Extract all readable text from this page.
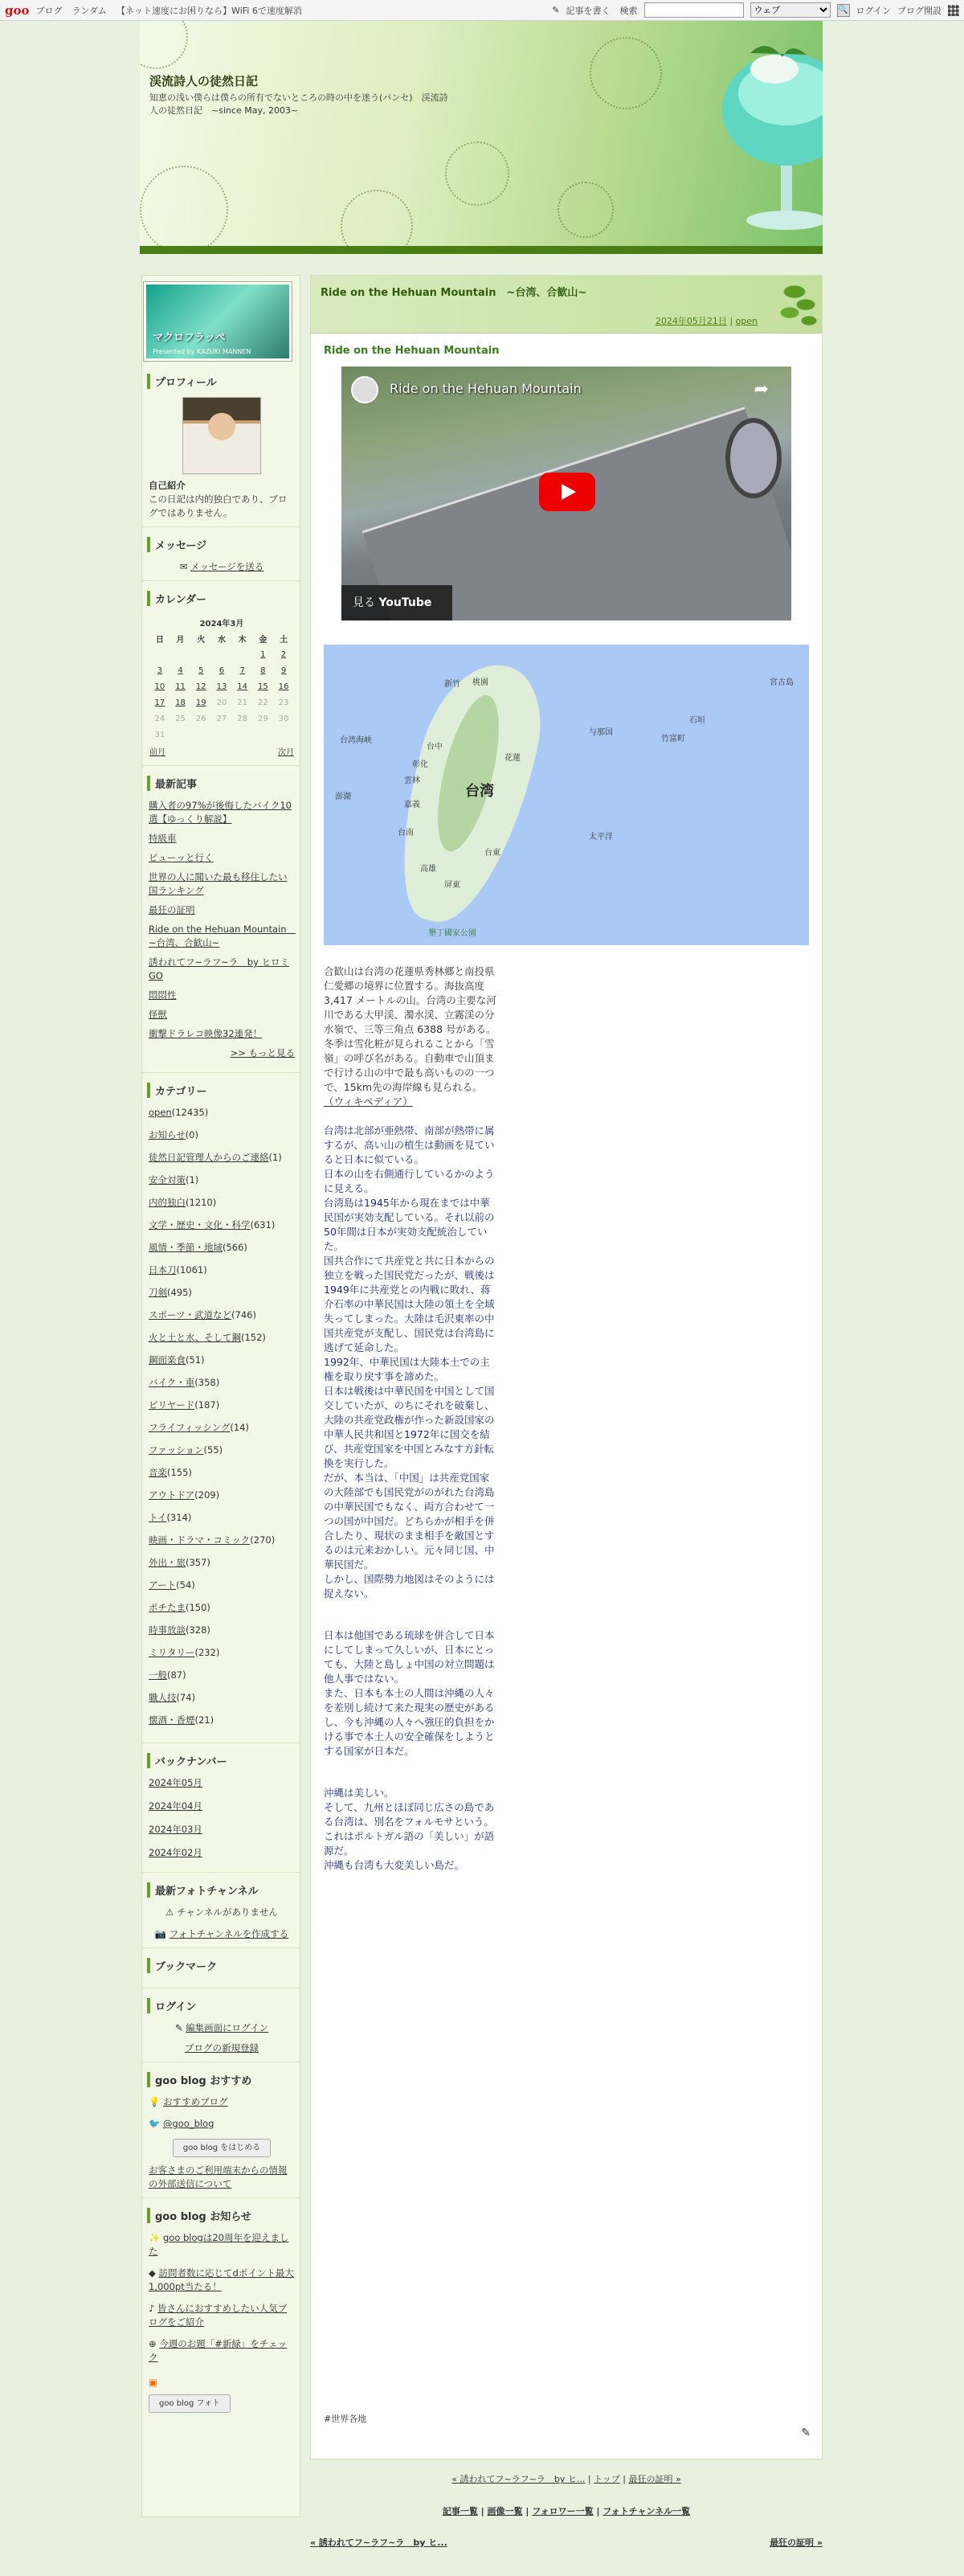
goo ブログ ランダム 【ネット速度にお困りなら】WiFi 6で速度解消	✎ 記事を書く 検索
ウェブ	🔍 ログイン ブログ開設
渓流詩人の徒然日記
知恵の浅い僕らは僕らの所有でないところの時の中を迷う(パンセ)　渓流詩人の徒然日記　~since May, 2003~
マクロフラッペ
Presented by KAZUKI MANNEN
プロフィール

自己紹介

この日記は内的独白であり、ブログではありません。

メッセージ

✉ メッセージを送る

カレンダー
2024年3月						
日	月	火	水	木	金	土
					1	2
3	4	5	6	7	8	9
10	11	12	13	14	15	16
17	18	19	20	21	22	23
24	25	26	27	28	29	30
31						
前月					次月	
最新記事
購入者の97%が後悔したバイク10選【ゆっくり解説】
特級車
ビューッと行く
世界の人に聞いた最も移住したい国ランキング
最狂の証明
Ride on the Hehuan Mountain　~台湾、合歓山~
誘われてフ~ラフ~ラ　by ヒロミGO
悶悶性
怪獣
衝撃ドラレコ映像32連発！
>> もっと見る
カテゴリー
open(12435)
お知らせ(0)
徒然日記管理人からのご連絡(1)
安全対策(1)
内的独白(1210)
文学・歴史・文化・科学(631)
風情・季節・地域(566)
日本刀(1061)
刀剣(495)
スポーツ・武道など(746)
火と土と水、そして鋼(152)
鋼面楽食(51)
バイク・車(358)
ビリヤード(187)
フライフィッシング(14)
ファッション(55)
音楽(155)
アウトドア(209)
トイ(314)
映画・ドラマ・コミック(270)
外出・旅(357)
アート(54)
ポチたま(150)
時事放談(328)
ミリタリー(232)
一般(87)
職人技(74)
懐酒・香煙(21)
バックナンバー
2024年05月
2024年04月
2024年03月
2024年02月
最新フォトチャンネル

⚠ チャンネルがありません

📷 フォトチャンネルを作成する

ブックマーク
ログイン

✎ 編集画面にログイン

ブログの新規登録

goo blog おすすめ

💡 おすすめブログ

🐦 @goo_blog

goo blog をはじめる

お客さまのご利用端末からの情報の外部送信について

goo blog お知らせ

✨ goo blogは20周年を迎えました

◆ 訪問者数に応じてdポイント最大1,000pt当たる！

♪ 皆さんにおすすめしたい人気ブログをご紹介

⊕ 今週のお題「#新緑」をチェック

▣

goo blog フォト

Ride on the Hehuan Mountain　~台湾、合歓山~
2024年05月21日 | open
Ride on the Hehuan Mountain
Ride on the Hehuan Mountain	➦
見る YouTube
台湾
新竹 桃園
台中
彰化
花蓮
雲林
嘉義
台南
台東
高雄
屏東
石垣
与那国
竹富町
宮古島
澎湖
太平洋
台湾海峡
墾丁國家公園

合歓山は台湾の花蓮県秀林郷と南投県仁愛郷の境界に位置する。海抜高度 3,417 メートルの山。台湾の主要な河川である大甲渓、濁水渓、立霧渓の分水嶺で、三等三角点 6388 号がある。冬季は雪化粧が見られることから「雪嶺」の呼び名がある。自動車で山頂まで行ける山の中で最も高いものの一つで、15km先の海岸線も見られる。
（ウィキペディア）

台湾は北部が亜熱帯、南部が熱帯に属するが、高い山の植生は動画を見ていると日本に似ている。
日本の山を右側通行しているかのように見える。
台湾島は1945年から現在までは中華民国が実効支配している。それ以前の50年間は日本が実効支配統治していた。
国共合作にて共産党と共に日本からの独立を戦った国民党だったが、戦後は1949年に共産党との内戦に敗れ、蒋介石率の中華民国は大陸の領土を全域失ってしまった。大陸は毛沢東率の中国共産党が支配し、国民党は台湾島に逃げて延命した。
1992年、中華民国は大陸本土での主権を取り戻す事を諦めた。
日本は戦後は中華民国を中国として国交していたが、のちにそれを破棄し、大陸の共産党政権が作った新設国家の中華人民共和国と1972年に国交を結び、共産党国家を中国とみなす方針転換を実行した。
だが、本当は、「中国」は共産党国家の大陸部でも国民党がのがれた台湾島の中華民国でもなく、両方合わせて一つの国が中国だ。どちらかが相手を併合したり、現状のまま相手を敵国とするのは元来おかしい。元々同じ国、中華民国だ。
しかし、国際勢力地図はそのようには捉えない。

日本は他国である琉球を併合して日本にしてしまって久しいが、日本にとっても、大陸と島しょ中国の対立問題は他人事ではない。
また、日本も本土の人間は沖縄の人々を差別し続けて来た現実の歴史があるし、今も沖縄の人々へ強圧的負担をかける事で本土人の安全確保をしようとする国家が日本だ。

沖縄は美しい。
そして、九州とほぼ同じ広さの島である台湾は、別名をフォルモサという。これはポルトガル語の「美しい」が語源だ。
沖縄も台湾も大変美しい島だ。

#世界各地
✎
« 誘われてフ~ラフ~ラ　by ヒ... | トップ | 最狂の証明 »
記事一覧 | 画像一覧 | フォロワー一覧 | フォトチャンネル一覧
« 誘われてフ~ラフ~ラ　by ヒ...	最狂の証明 »
